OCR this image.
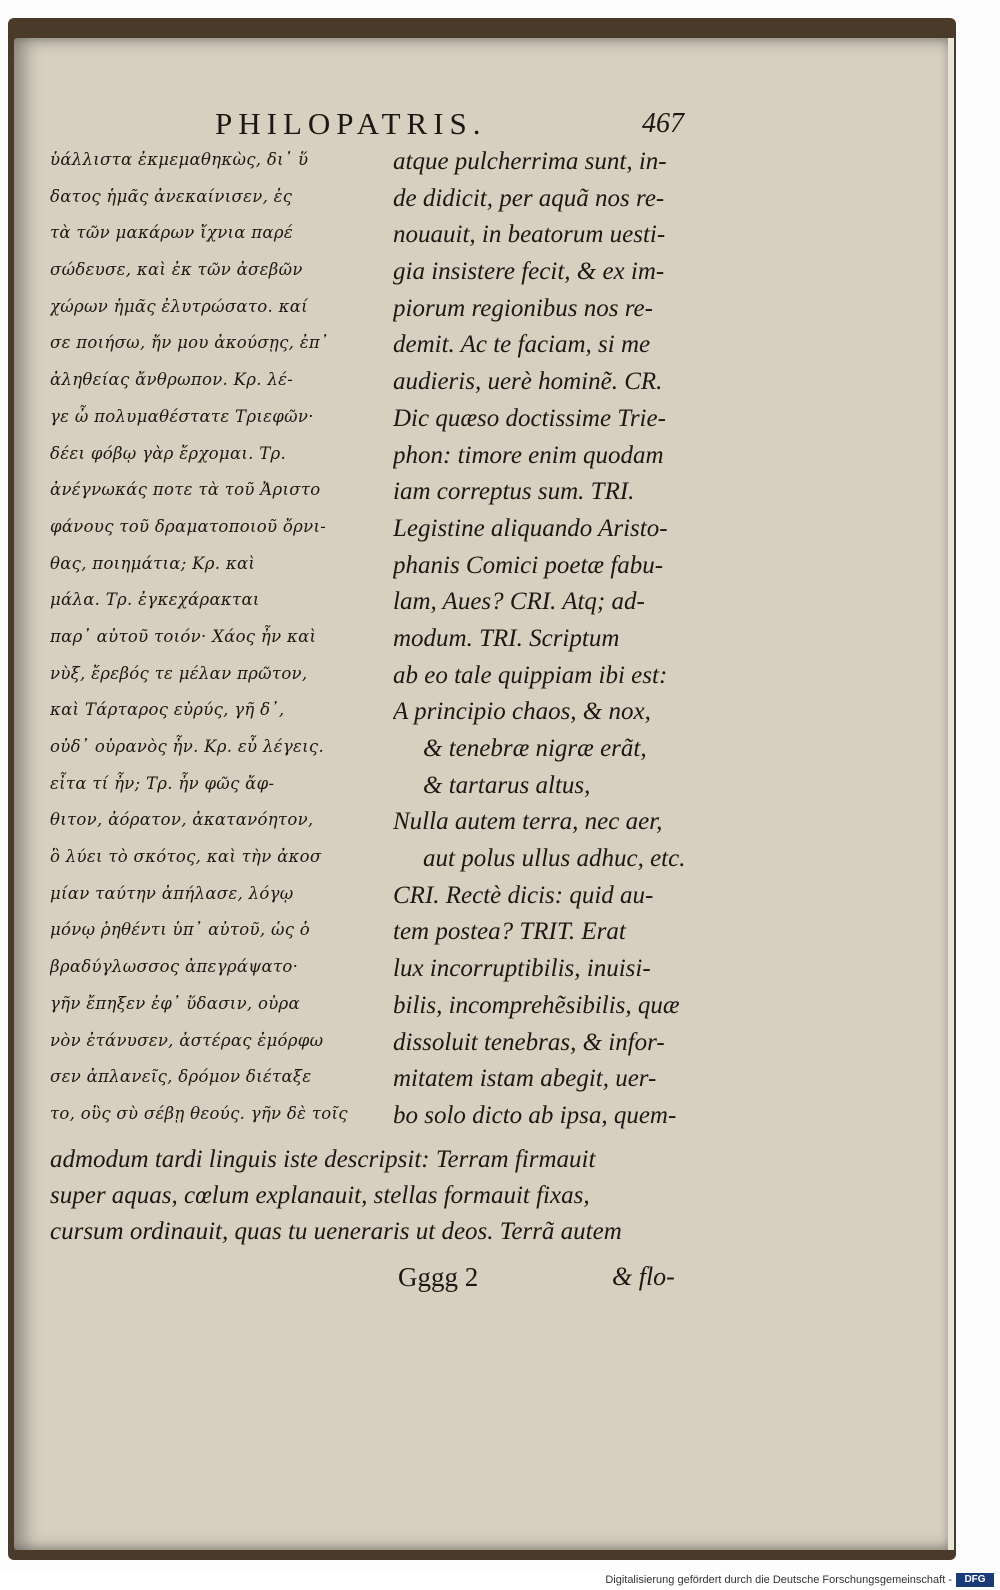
PHILOPATRIS.	467
ὑάλλιστα ἐκμεμαθηκὼς, δι᾽ ὕ
δατος ἡμᾶς ἀνεκαίνισεν, ἐς
τὰ τῶν μακάρων ἴχνια παρέ
σώδευσε, καὶ ἐκ τῶν ἀσεβῶν
χώρων ἡμᾶς ἐλυτρώσατο. καί
σε ποιήσω, ἤν μου ἀκούσῃς, ἐπ᾽
ἀληθείας ἄνθρωπον. Κρ. λέ-
γε ὦ πολυμαθέστατε Τριεφῶν·
δέει φόβῳ γὰρ ἔρχομαι. Τρ.
ἀνέγνωκάς ποτε τὰ τοῦ Ἀριστο
φάνους τοῦ δραματοποιοῦ ὄρνι-
θας, ποιημάτια; Κρ. καὶ
μάλα. Τρ. ἐγκεχάρακται
παρ᾽ αὐτοῦ τοιόν· Χάος ἦν καὶ
νὺξ, ἔρεβός τε μέλαν πρῶτον,
καὶ Τάρταρος εὐρύς, γῆ δ᾽,
οὐδ᾽ οὐρανὸς ἦν. Κρ. εὖ λέγεις.
εἶτα τί ἦν; Τρ. ἦν φῶς ἄφ-
θιτον, ἀόρατον, ἀκατανόητον,
ὃ λύει τὸ σκότος, καὶ τὴν ἀκοσ
μίαν ταύτην ἀπήλασε, λόγῳ
μόνῳ ῥηθέντι ὑπ᾽ αὐτοῦ, ὡς ὁ
βραδύγλωσσος ἀπεγράψατο·
γῆν ἔπηξεν ἐφ᾽ ὕδασιν, οὐρα
νὸν ἐτάνυσεν, ἀστέρας ἐμόρφω
σεν ἀπλανεῖς, δρόμον διέταξε
το, οὓς σὺ σέβῃ θεούς. γῆν δὲ τοῖς
atque pulcherrima sunt, in-
de didicit, per aquã nos re-
nouauit, in beatorum uesti-
gia insistere fecit, & ex im-
piorum regionibus nos re-
demit. Ac te faciam, si me
audieris, uerè hominẽ. CR.
Dic quæso doctissime Trie-
phon: timore enim quodam
iam correptus sum. TRI.
Legistine aliquando Aristo-
phanis Comici poetæ fabu-
lam, Aues? CRI. Atq; ad-
modum. TRI. Scriptum
ab eo tale quippiam ibi est:
A principio chaos, & nox,
& tenebræ nigræ erãt,
& tartarus altus,
Nulla autem terra, nec aer,
aut polus ullus adhuc, etc.
CRI. Rectè dicis: quid au-
tem postea? TRIT. Erat
lux incorruptibilis, inuisi-
bilis, incomprehẽsibilis, quæ
dissoluit tenebras, & infor-
mitatem istam abegit, uer-
bo solo dicto ab ipsa, quem-
admodum tardi linguis iste descripsit: Terram firmauit
super aquas, cœlum explanauit, stellas formauit fixas,
cursum ordinauit, quas tu ueneraris ut deos. Terrã autem
Gggg 2	& flo-
Digitalisierung gefördert durch die Deutsche Forschungsgemeinschaft -	DFG
